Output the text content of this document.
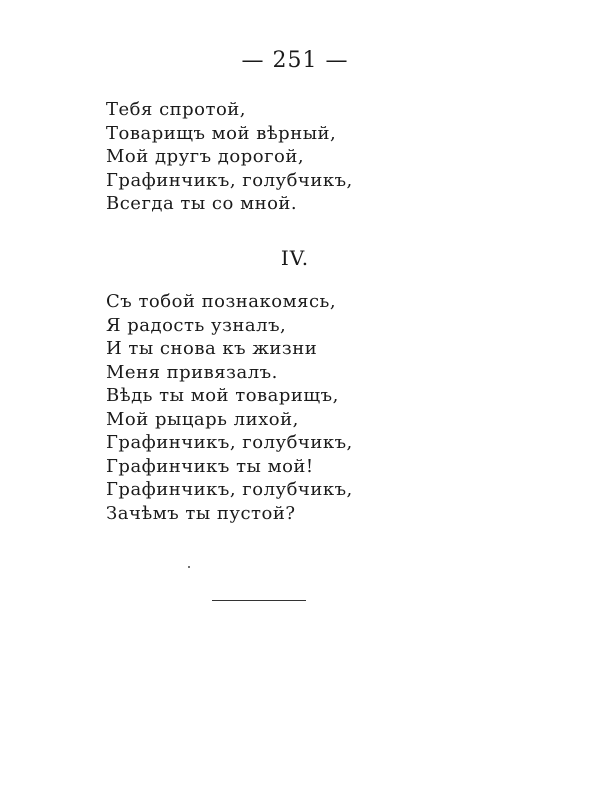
— 251 —
Тебя спротой,
Товарищъ мой вѣрный,
Мой другъ дорогой,
Графинчикъ, голубчикъ,
Всегда ты со мной.
IV.
Съ тобой познакомясь,
Я радость узналъ,
И ты снова къ жизни
Меня привязалъ.
Вѣдь ты мой товарищъ,
Мой рыцарь лихой,
Графинчикъ, голубчикъ,
Графинчикъ ты мой!
Графинчикъ, голубчикъ,
Зачѣмъ ты пустой?
